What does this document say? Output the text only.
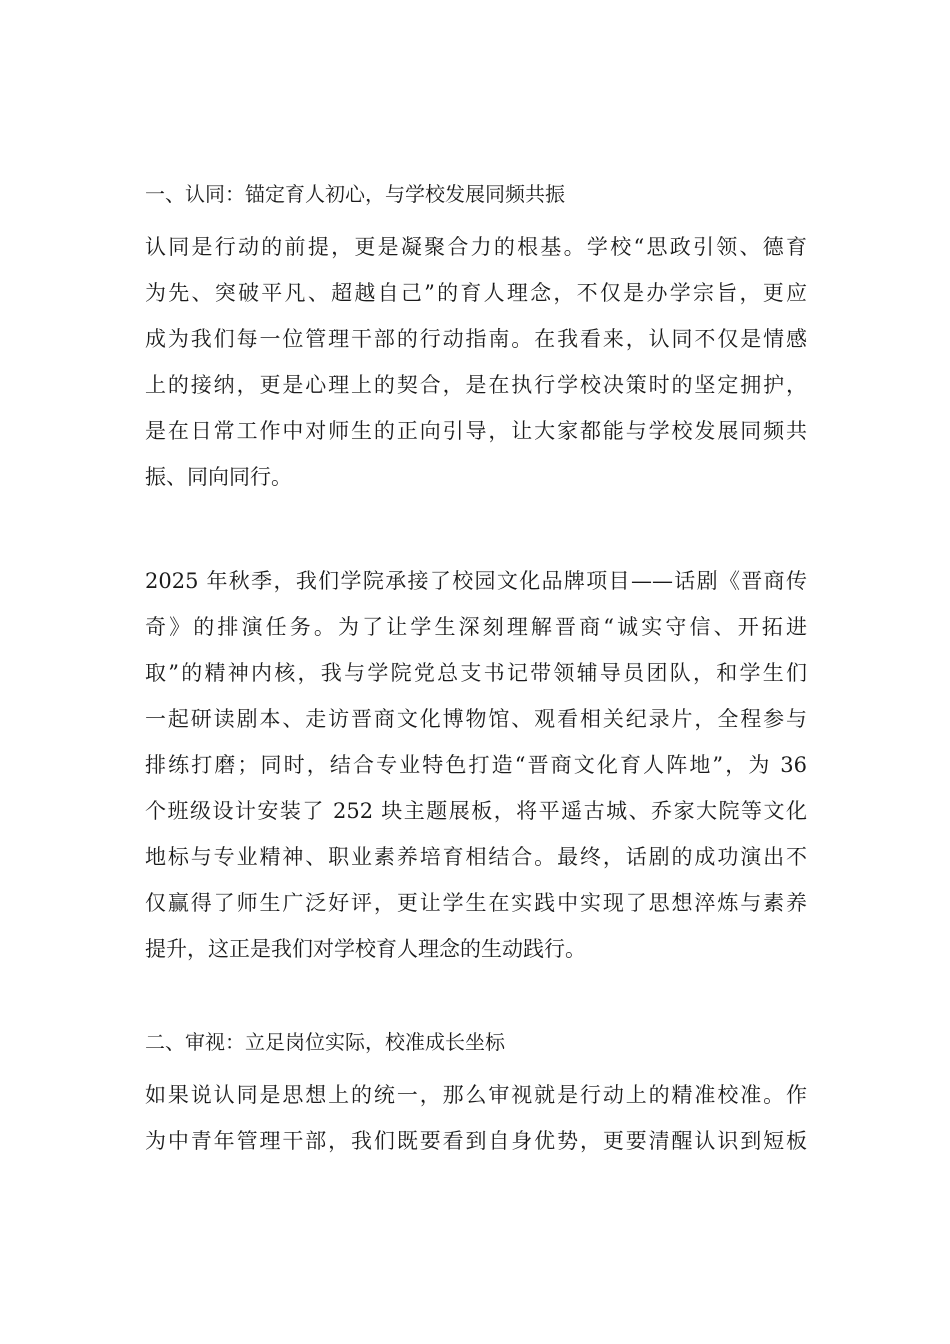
一、认同：锚定育人初心，与学校发展同频共振
认同是行动的前提，更是凝聚合力的根基。学校“思政引领、德育
为先、突破平凡、超越自己”的育人理念，不仅是办学宗旨，更应
成为我们每一位管理干部的行动指南。在我看来，认同不仅是情感
上的接纳，更是心理上的契合，是在执行学校决策时的坚定拥护，
是在日常工作中对师生的正向引导，让大家都能与学校发展同频共
振、同向同行。
2025 年秋季，我们学院承接了校园文化品牌项目——话剧《晋商传
奇》的排演任务。为了让学生深刻理解晋商“诚实守信、开拓进
取”的精神内核，我与学院党总支书记带领辅导员团队，和学生们
一起研读剧本、走访晋商文化博物馆、观看相关纪录片，全程参与
排练打磨；同时，结合专业特色打造“晋商文化育人阵地”，为 36
个班级设计安装了 252 块主题展板，将平遥古城、乔家大院等文化
地标与专业精神、职业素养培育相结合。最终，话剧的成功演出不
仅赢得了师生广泛好评，更让学生在实践中实现了思想淬炼与素养
提升，这正是我们对学校育人理念的生动践行。
二、审视：立足岗位实际，校准成长坐标
如果说认同是思想上的统一，那么审视就是行动上的精准校准。作
为中青年管理干部，我们既要看到自身优势，更要清醒认识到短板
